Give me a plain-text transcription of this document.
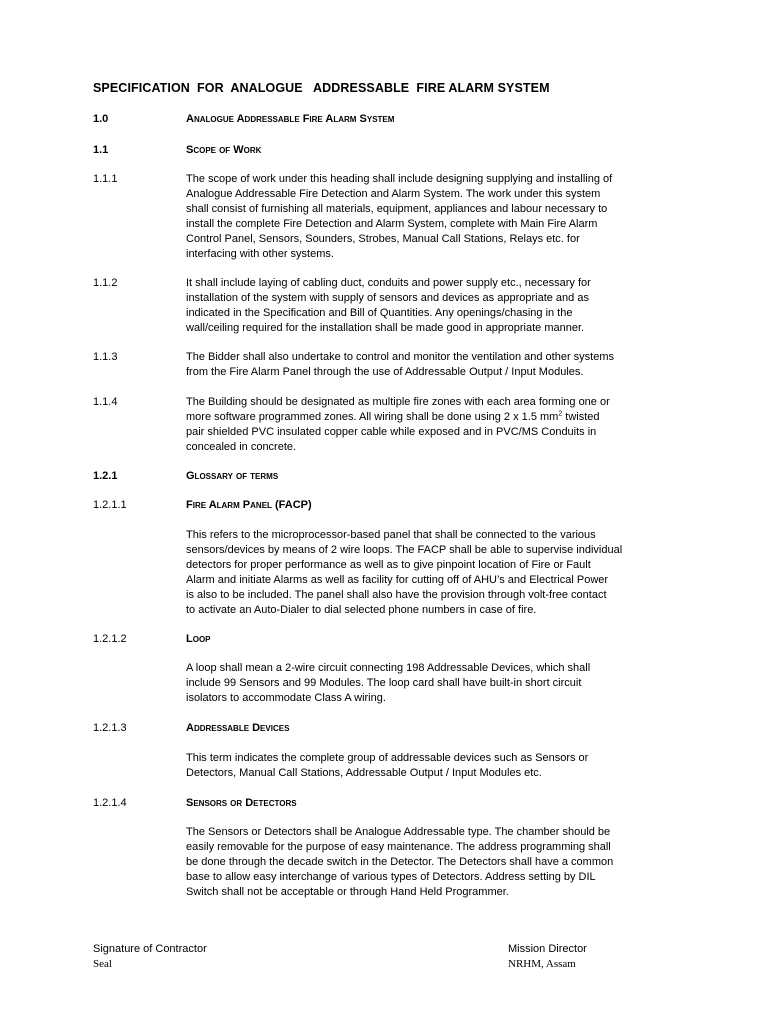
SPECIFICATION  FOR  ANALOGUE   ADDRESSABLE  FIRE ALARM SYSTEM
1.0	Analogue Addressable Fire Alarm System
1.1	Scope of Work
1.1.1	The scope of work under this heading shall include designing supplying and installing of

Analogue Addressable Fire Detection and Alarm System. The work under this system

shall consist of furnishing all materials, equipment, appliances and labour necessary to

install the complete Fire Detection and Alarm System, complete with Main Fire Alarm

Control Panel, Sensors, Sounders, Strobes, Manual Call Stations, Relays etc. for

interfacing with other systems.

1.1.2	It shall include laying of cabling duct, conduits and power supply etc., necessary for

installation of the system with supply of sensors and devices as appropriate and as

indicated in the Specification and Bill of Quantities. Any openings/chasing in the

wall/ceiling required for the installation shall be made good in appropriate manner.

1.1.3	The Bidder shall also undertake to control and monitor the ventilation and other systems

from the Fire Alarm Panel through the use of Addressable Output / Input Modules.

1.1.4	The Building should be designated as multiple fire zones with each area forming one or

more software programmed zones. All wiring shall be done using 2 x 1.5 $mm^2$ twisted

pair shielded PVC insulated copper cable while exposed and in PVC/MS Conduits in

concealed in concrete.

1.2.1	Glossary of terms
1.2.1.1	Fire Alarm Panel (FACP)

This refers to the microprocessor-based panel that shall be connected to the various

sensors/devices by means of 2 wire loops. The FACP shall be able to supervise individual

detectors for proper performance as well as to give pinpoint location of Fire or Fault

Alarm and initiate Alarms as well as facility for cutting off of AHU’s and Electrical Power

is also to be included. The panel shall also have the provision through volt-free contact

to activate an Auto-Dialer to dial selected phone numbers in case of fire.

1.2.1.2	Loop

A loop shall mean a 2-wire circuit connecting 198 Addressable Devices, which shall

include 99 Sensors and 99 Modules. The loop card shall have built-in short circuit

isolators to accommodate Class A wiring.

1.2.1.3	Addressable Devices

This term indicates the complete group of addressable devices such as Sensors or

Detectors, Manual Call Stations, Addressable Output / Input Modules etc.

1.2.1.4	Sensors or Detectors

The Sensors or Detectors shall be Analogue Addressable type. The chamber should be

easily removable for the purpose of easy maintenance. The address programming shall

be done through the decade switch in the Detector. The Detectors shall have a common

base to allow easy interchange of various types of Detectors. Address setting by DIL

Switch shall not be acceptable or through Hand Held Programmer.

Signature of Contractor
Seal
Mission Director
NRHM, Assam
